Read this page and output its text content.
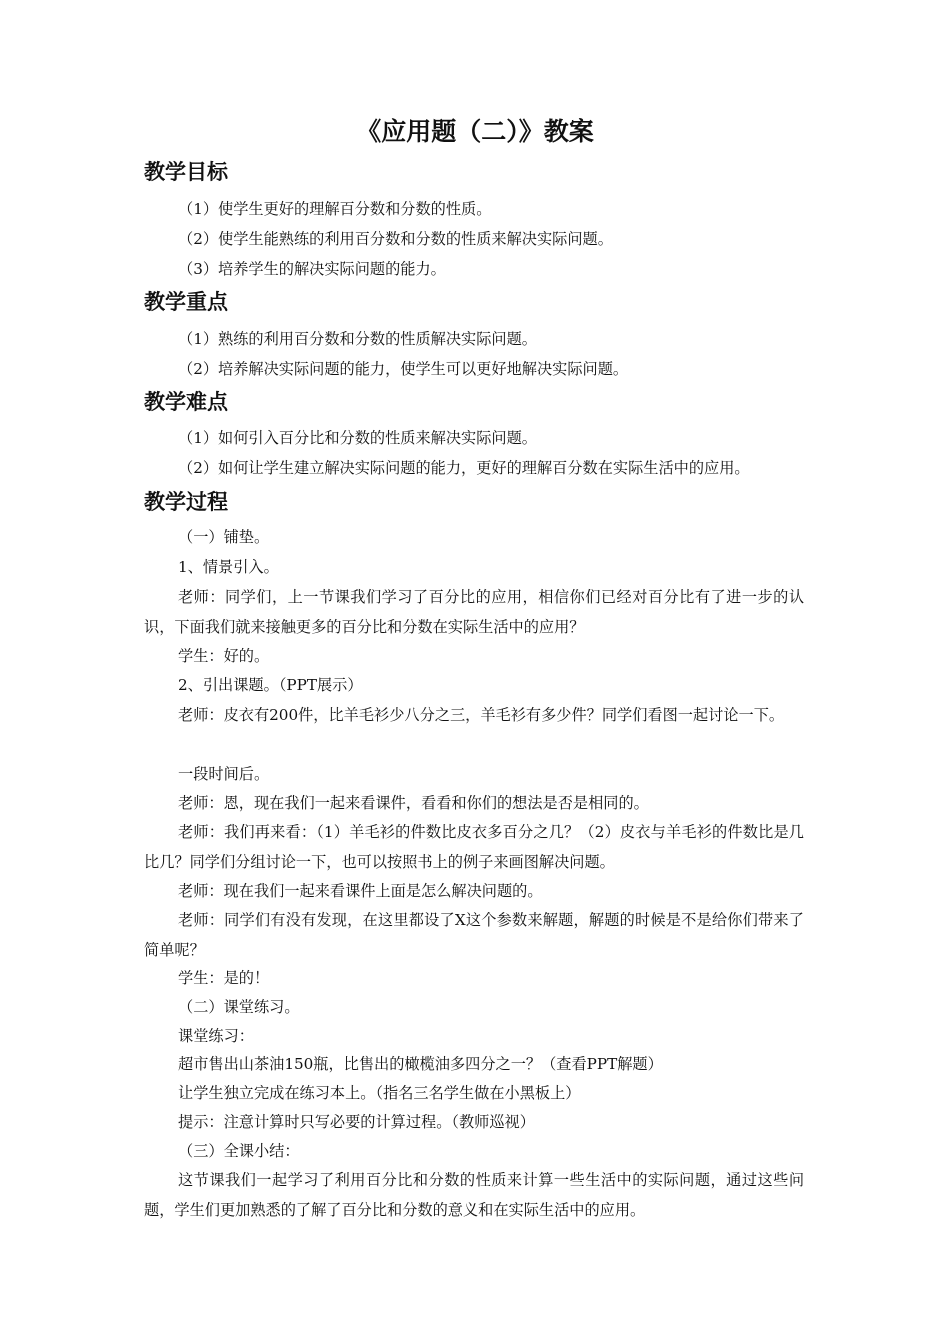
《应用题（二）》教案
教学目标
（1）使学生更好的理解百分数和分数的性质。
（2）使学生能熟练的利用百分数和分数的性质来解决实际问题。
（3）培养学生的解决实际问题的能力。
教学重点
（1）熟练的利用百分数和分数的性质解决实际问题。
（2）培养解决实际问题的能力，使学生可以更好地解决实际问题。
教学难点
（1）如何引入百分比和分数的性质来解决实际问题。
（2）如何让学生建立解决实际问题的能力，更好的理解百分数在实际生活中的应用。
教学过程
（一）铺垫。
1、情景引入。
老师：同学们，上一节课我们学习了百分比的应用，相信你们已经对百分比有了进一步的认识，下面我们就来接触更多的百分比和分数在实际生活中的应用？
学生：好的。
2、引出课题。（PPT展示）
老师：皮衣有200件，比羊毛衫少八分之三，羊毛衫有多少件？同学们看图一起讨论一下。
一段时间后。
老师：恩，现在我们一起来看课件，看看和你们的想法是否是相同的。
老师：我们再来看：（1）羊毛衫的件数比皮衣多百分之几？（2）皮衣与羊毛衫的件数比是几比几？同学们分组讨论一下，也可以按照书上的例子来画图解决问题。
老师：现在我们一起来看课件上面是怎么解决问题的。
老师：同学们有没有发现，在这里都设了X这个参数来解题，解题的时候是不是给你们带来了简单呢？
学生：是的！
（二）课堂练习。
课堂练习：
超市售出山茶油150瓶，比售出的橄榄油多四分之一？（查看PPT解题）
让学生独立完成在练习本上。（指名三名学生做在小黑板上）
提示：注意计算时只写必要的计算过程。（教师巡视）
（三）全课小结：
这节课我们一起学习了利用百分比和分数的性质来计算一些生活中的实际问题，通过这些问题，学生们更加熟悉的了解了百分比和分数的意义和在实际生活中的应用。
